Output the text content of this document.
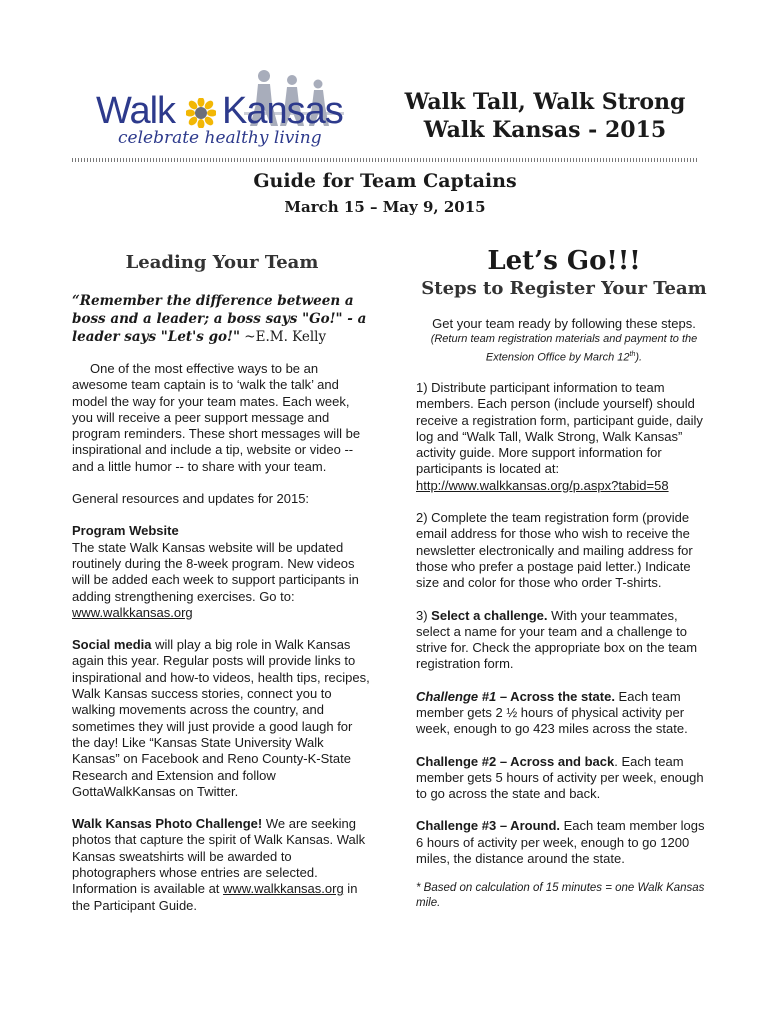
Walk Kansas
celebrate healthy living
Walk Tall, Walk Strong
Walk Kansas - 2015
Guide for Team Captains
March 15 – May 9, 2015
Leading Your Team
“Remember the difference between a boss and a leader; a boss says "Go!" - a leader says "Let's go!" ~E.M. Kelly

One of the most effective ways to be an awesome team captain is to ‘walk the talk’ and model the way for your team mates. Each week, you will receive a peer support message and program reminders. These short messages will be inspirational and include a tip, website or video -- and a little humor -- to share with your team.

General resources and updates for 2015:

Program Website

The state Walk Kansas website will be updated routinely during the 8-week program. New videos will be added each week to support participants in adding strengthening exercises. Go to: www.walkkansas.org

Social media will play a big role in Walk Kansas again this year. Regular posts will provide links to inspirational and how-to videos, health tips, recipes, Walk Kansas success stories, connect you to walking movements across the country, and sometimes they will just provide a good laugh for the day! Like “Kansas State University Walk Kansas” on Facebook and Reno County-K-State Research and Extension and follow GottaWalkKansas on Twitter.

Walk Kansas Photo Challenge! We are seeking photos that capture the spirit of Walk Kansas. Walk Kansas sweatshirts will be awarded to photographers whose entries are selected. Information is available at www.walkkansas.org in the Participant Guide.

Let’s Go!!!
Steps to Register Your Team

Get your team ready by following these steps.

(Return team registration materials and payment to the Extension Office by March 12th).

1) Distribute participant information to team members. Each person (include yourself) should receive a registration form, participant guide, daily log and “Walk Tall, Walk Strong, Walk Kansas” activity guide. More support information for participants is located at:
http://www.walkkansas.org/p.aspx?tabid=58

2) Complete the team registration form (provide email address for those who wish to receive the newsletter electronically and mailing address for those who prefer a postage paid letter.) Indicate size and color for those who order T-shirts.

3) Select a challenge. With your teammates, select a name for your team and a challenge to strive for. Check the appropriate box on the team registration form.

Challenge #1 – Across the state. Each team member gets 2 ½ hours of physical activity per week, enough to go 423 miles across the state.

Challenge #2 – Across and back. Each team member gets 5 hours of activity per week, enough to go across the state and back.

Challenge #3 – Around. Each team member logs 6 hours of activity per week, enough to go 1200 miles, the distance around the state.

* Based on calculation of 15 minutes = one Walk Kansas mile.
